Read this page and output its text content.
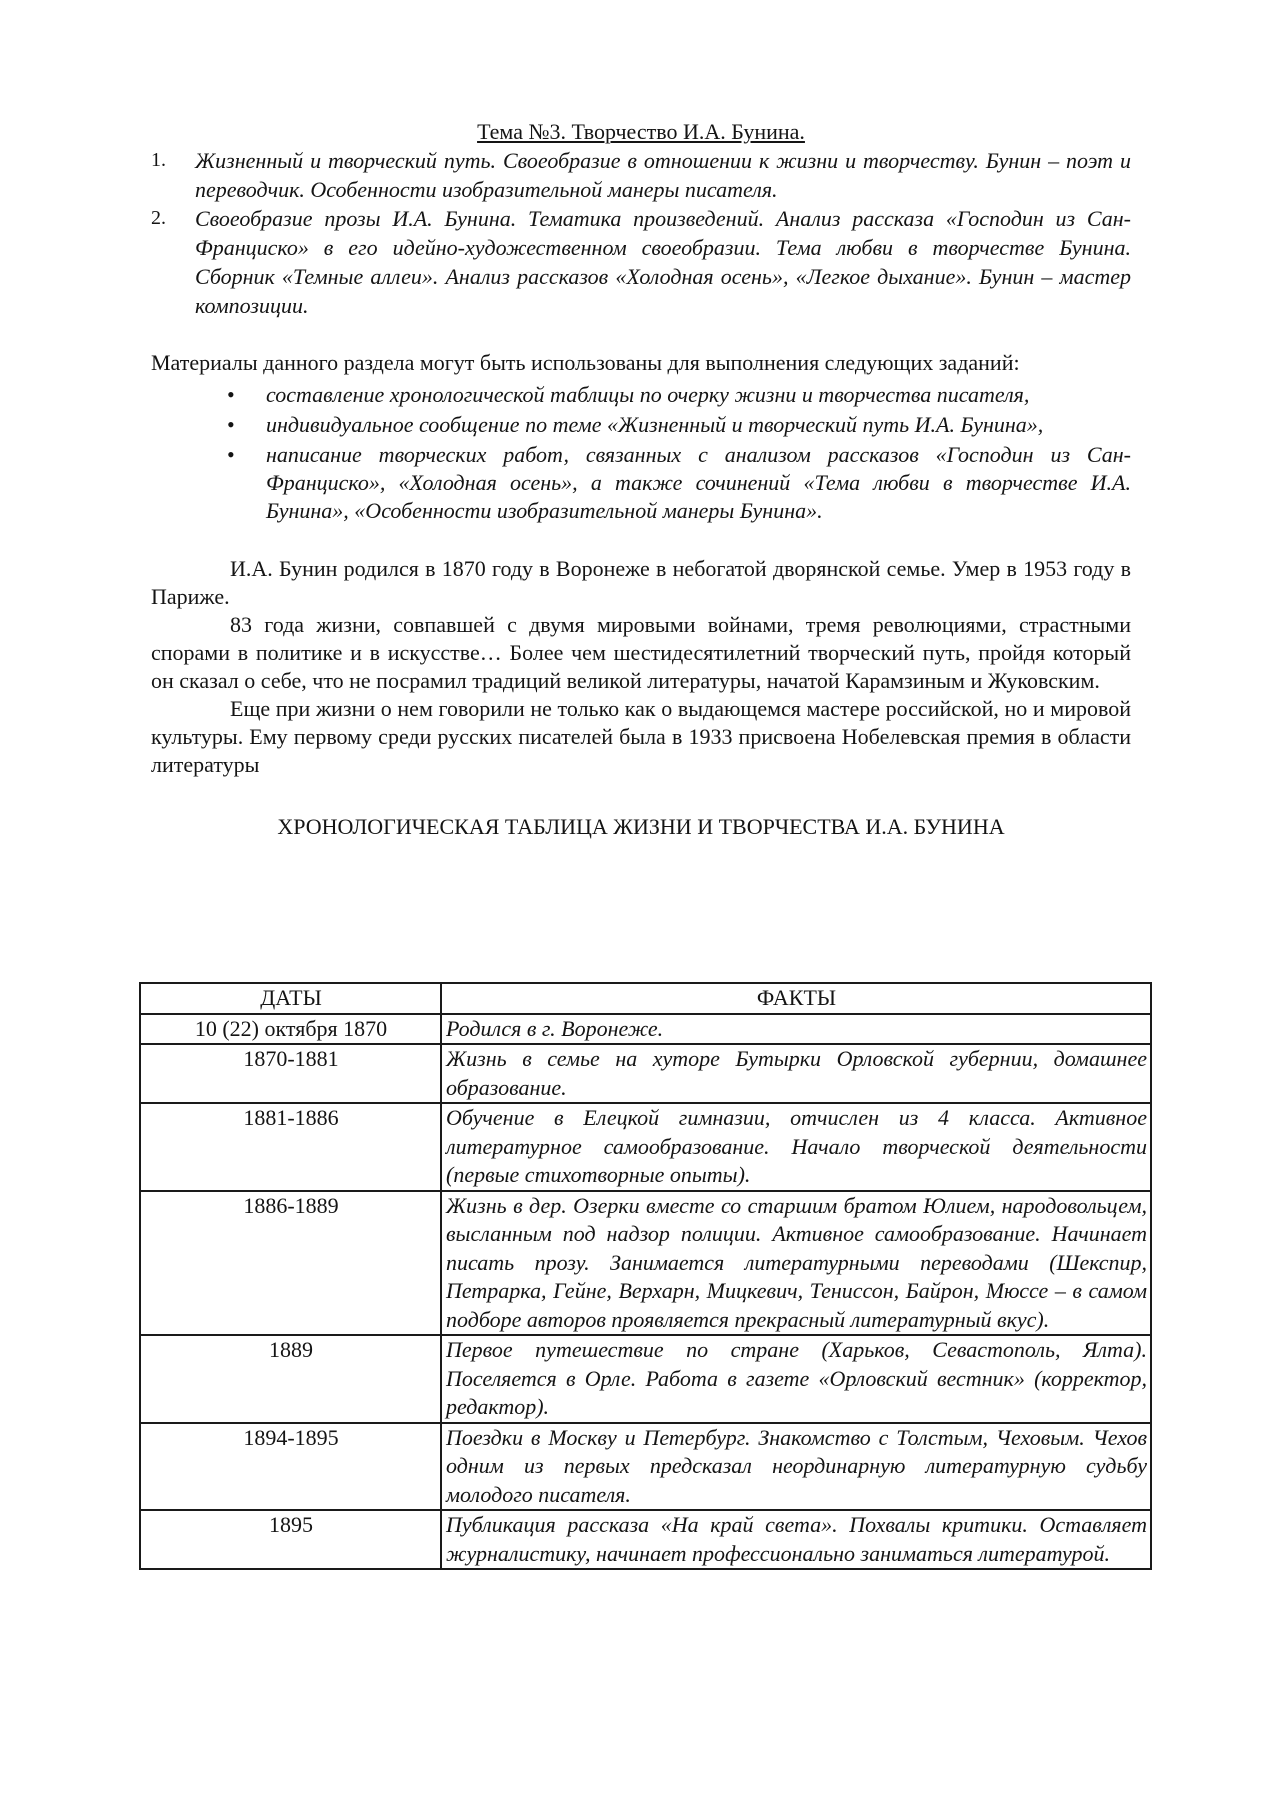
Тема №3. Творчество И.А. Бунина.

1. Жизненный и творческий путь. Своеобразие в отношении к жизни и творчеству. Бунин – поэт и переводчик. Особенности изобразительной манеры писателя.
2. Своеобразие прозы И.А. Бунина. Тематика произведений. Анализ рассказа «Господин из Сан-Франциско» в его идейно-художественном своеобразии. Тема любви в творчестве Бунина. Сборник «Темные аллеи». Анализ рассказов «Холодная осень», «Легкое дыхание». Бунин – мастер композиции.

Материалы данного раздела могут быть использованы для выполнения следующих заданий:

• составление хронологической таблицы по очерку жизни и творчества писателя,
• индивидуальное сообщение по теме «Жизненный и творческий путь И.А. Бунина»,
• написание творческих работ, связанных с анализом рассказов «Господин из Сан-Франциско», «Холодная осень», а также сочинений «Тема любви в творчестве И.А. Бунина», «Особенности изобразительной манеры Бунина».

И.А. Бунин родился в 1870 году в Воронеже в небогатой дворянской семье. Умер в 1953 году в Париже.

83 года жизни, совпавшей с двумя мировыми войнами, тремя революциями, страстными спорами в политике и в искусстве… Более чем шестидесятилетний творческий путь, пройдя который он сказал о себе, что не посрамил традиций великой литературы, начатой Карамзиным и Жуковским.

Еще при жизни о нем говорили не только как о выдающемся мастере российской, но и мировой культуры. Ему первому среди русских писателей была в 1933 присвоена Нобелевская премия в области литературы

ХРОНОЛОГИЧЕСКАЯ ТАБЛИЦА ЖИЗНИ И ТВОРЧЕСТВА И.А. БУНИНА

ДАТЫ	ФАКТЫ
10 (22) октября 1870	Родился в г. Воронеже.
1870-1881	Жизнь в семье на хуторе Бутырки Орловской губернии, домашнее образование.
1881-1886	Обучение в Елецкой гимназии, отчислен из 4 класса. Активное литературное самообразование. Начало творческой деятельности (первые стихотворные опыты).
1886-1889	Жизнь в дер. Озерки вместе со старшим братом Юлием, народовольцем, высланным под надзор полиции. Активное самообразование. Начинает писать прозу. Занимается литературными переводами (Шекспир, Петрарка, Гейне, Верхарн, Мицкевич, Тениссон, Байрон, Мюссе – в самом подборе авторов проявляется прекрасный литературный вкус).
1889	Первое путешествие по стране (Харьков, Севастополь, Ялта). Поселяется в Орле. Работа в газете «Орловский вестник» (корректор, редактор).
1894-1895	Поездки в Москву и Петербург. Знакомство с Толстым, Чеховым. Чехов одним из первых предсказал неординарную литературную судьбу молодого писателя.
1895	Публикация рассказа «На край света». Похвалы критики. Оставляет журналистику, начинает профессионально заниматься литературой.
